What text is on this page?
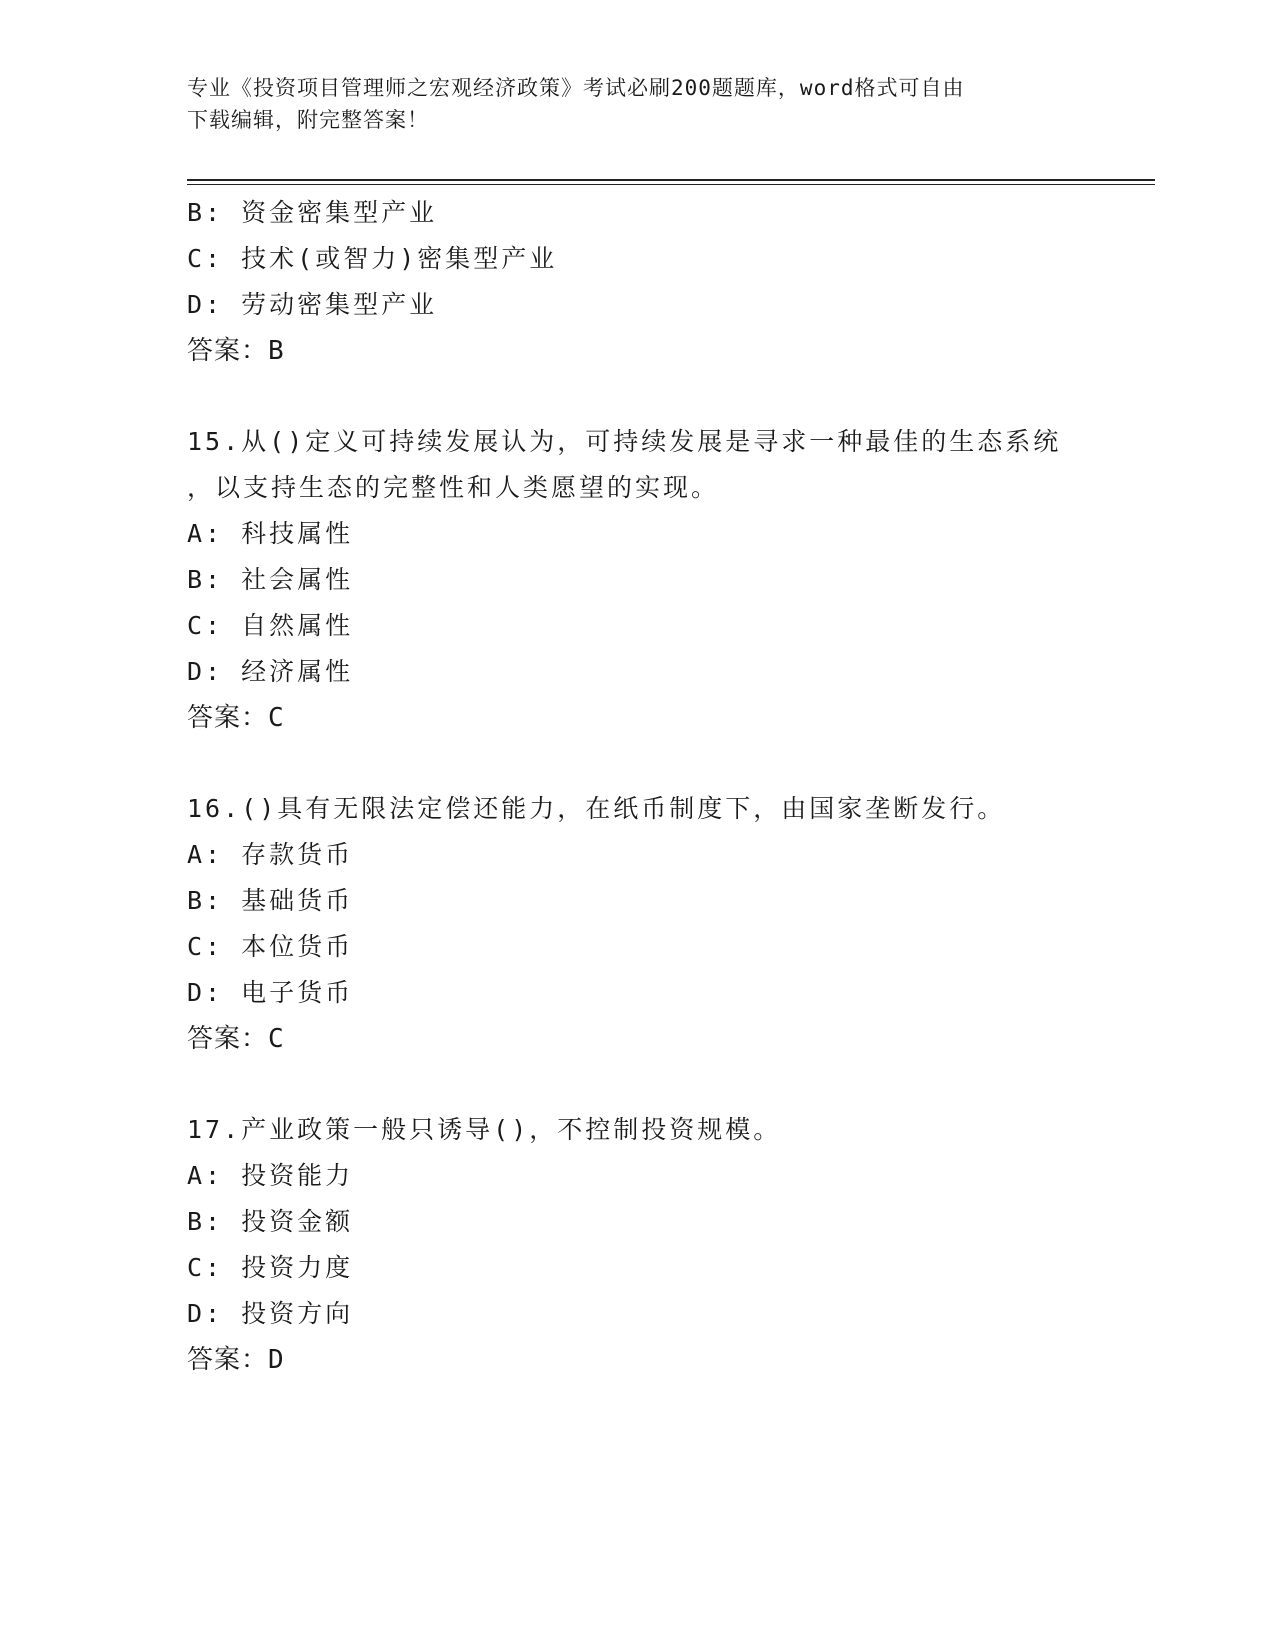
专业《投资项目管理师之宏观经济政策》考试必刷200题题库，word格式可自由
下载编辑，附完整答案！
B: 资金密集型产业
C: 技术(或智力)密集型产业
D: 劳动密集型产业
答案：B
15.从()定义可持续发展认为，可持续发展是寻求一种最佳的生态系统
，以支持生态的完整性和人类愿望的实现。
A: 科技属性
B: 社会属性
C: 自然属性
D: 经济属性
答案：C
16.()具有无限法定偿还能力，在纸币制度下，由国家垄断发行。
A: 存款货币
B: 基础货币
C: 本位货币
D: 电子货币
答案：C
17.产业政策一般只诱导()，不控制投资规模。
A: 投资能力
B: 投资金额
C: 投资力度
D: 投资方向
答案：D
